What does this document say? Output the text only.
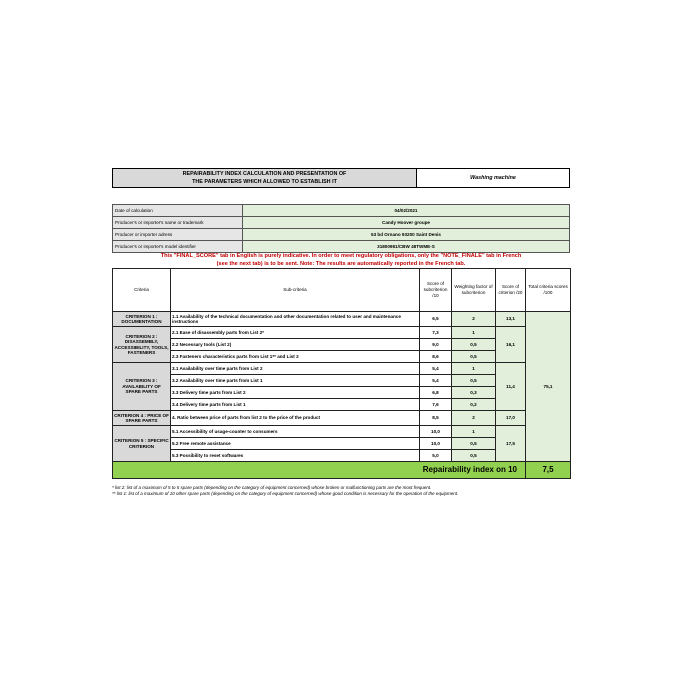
REPAIRABILITY INDEX CALCULATION AND PRESENTATION OF
THE PARAMETERS WHICH ALLOWED TO ESTABLISH IT
Washing machine
Date of calculation	04/02/2021
Producer's or importer's name or trademark	Candy Hoover groupe
Producer or importer adress	53 bd Ornano 93200 Saint Denis
Producer's or importer's model identifier	31800981/CBW 48TWME-S
This "FINAL_SCORE" tab in English is purely indicative. In order to meet regulatory obligations, only the "NOTE_FINALE" tab in French
(see the next tab) is to be sent. Note: The results are automatically reported in the French tab.
Criteria	Sub-criteria	Score of subcriterion /10	Weighting factor of subcriterion	Score of criterion /20	Total criteria scores /100
CRITERION 1 : DOCUMENTATION	1.1 Availability of the technical documentation and other documentation related to user and maintenance instructions	6,5	2	13,1	75,1
CRITERION 2 : DISASSEMBLY, ACCESSIBILITY, TOOLS, FASTENERS	2.1 Ease of disassembly parts from List 2*	7,3	1	16,1	
	2.2 Necessary tools (List 2)	9,0	0,5		
	2.3 Fasteners characteristics parts from List 1** and List 2	8,6	0,5		
CRITERION 3 : AVAILABILITY OF SPARE PARTS	3.1 Availability over time parts from List 2	5,4	1	11,4	
	3.2 Availability over time parts from List 1	5,4	0,5		
	3.3 Delivery time parts from List 2	6,8	0,3		
	3.4 Delivery time parts from List 1	7,6	0,2		
CRITERION 4 : PRICE OF SPARE PARTS	4. Ratio between price of parts from list 2 to the price of the product	8,5	2	17,0	
CRITERION 5 : SPECIFIC CRITERION	5.1 Accessibility of usage-counter to consumers	10,0	1	17,5	
	5.2 Free remote assistance	10,0	0,5		
	5.3 Possibility to reset softwares	5,0	0,5		
Repairability index on 10					7,5
* list 2: list of a maximum of 5 to 5 spare parts (depending on the category of equipment concerned) whose broken or malfunctioning parts are the most frequent.
** list 1: list of a maximum of 10 other spare parts (depending on the category of equipment concerned) whose good condition is necessary for the operation of the equipment.
